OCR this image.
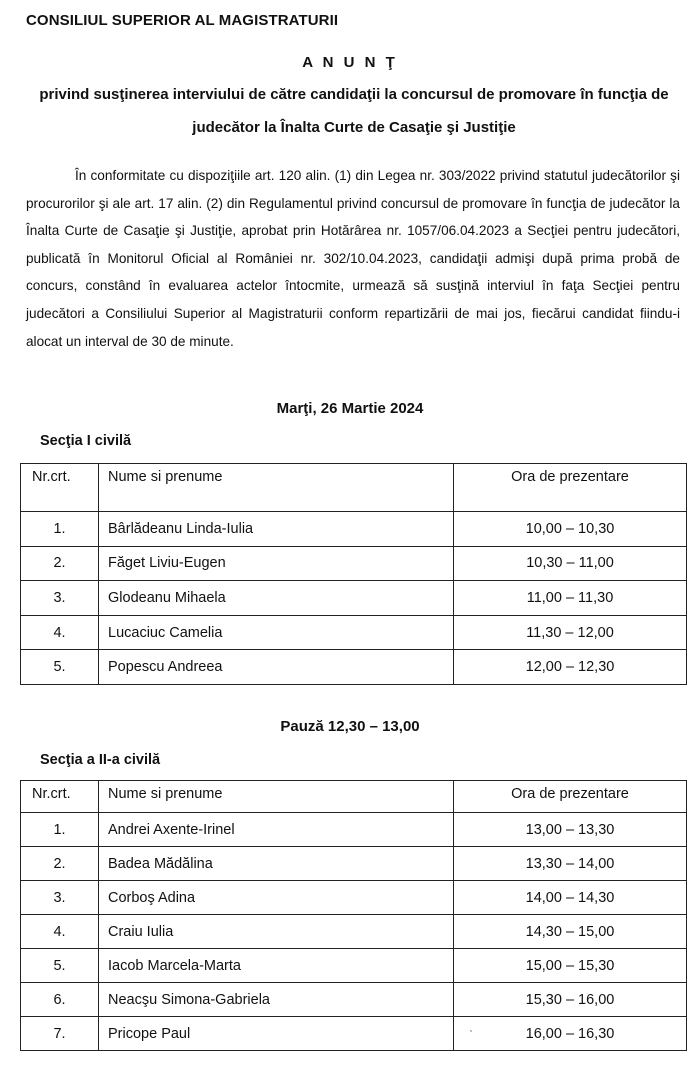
CONSILIUL SUPERIOR AL MAGISTRATURII
A N U N Ţ
privind susţinerea interviului de către candidaţii la concursul de promovare în funcţia de judecător la Înalta Curte de Casaţie şi Justiţie

În conformitate cu dispoziţiile art. 120 alin. (1) din Legea nr. 303/2022 privind statutul judecătorilor şi procurorilor şi ale art. 17 alin. (2) din Regulamentul privind concursul de promovare în funcţia de judecător la Înalta Curte de Casaţie şi Justiţie, aprobat prin Hotărârea nr. 1057/06.04.2023 a Secţiei pentru judecători, publicată în Monitorul Oficial al României nr. 302/10.04.2023, candidaţii admişi după prima probă de concurs, constând în evaluarea actelor întocmite, urmează să susţină interviul în faţa Secţiei pentru judecători a Consiliului Superior al Magistraturii conform repartizării de mai jos, fiecărui candidat fiindu-i alocat un interval de 30 de minute.

Marţi, 26 Martie 2024
Secţia I civilă
Nr.crt.	Nume si prenume	Ora de prezentare
1.	Bârlădeanu Linda-Iulia	10,00 – 10,30
2.	Făget Liviu-Eugen	10,30 – 11,00
3.	Glodeanu Mihaela	11,00 – 11,30
4.	Lucaciuc Camelia	11,30 – 12,00
5.	Popescu Andreea	12,00 – 12,30
Pauză 12,30 – 13,00
Secţia a II-a civilă
Nr.crt.	Nume si prenume	Ora de prezentare
1.	Andrei Axente-Irinel	13,00 – 13,30
2.	Badea Mădălina	13,30 – 14,00
3.	Corboş Adina	14,00 – 14,30
4.	Craiu Iulia	14,30 – 15,00
5.	Iacob Marcela-Marta	15,00 – 15,30
6.	Neacşu Simona-Gabriela	15,30 – 16,00
7.	Pricope Paul	16,00 – 16,30
